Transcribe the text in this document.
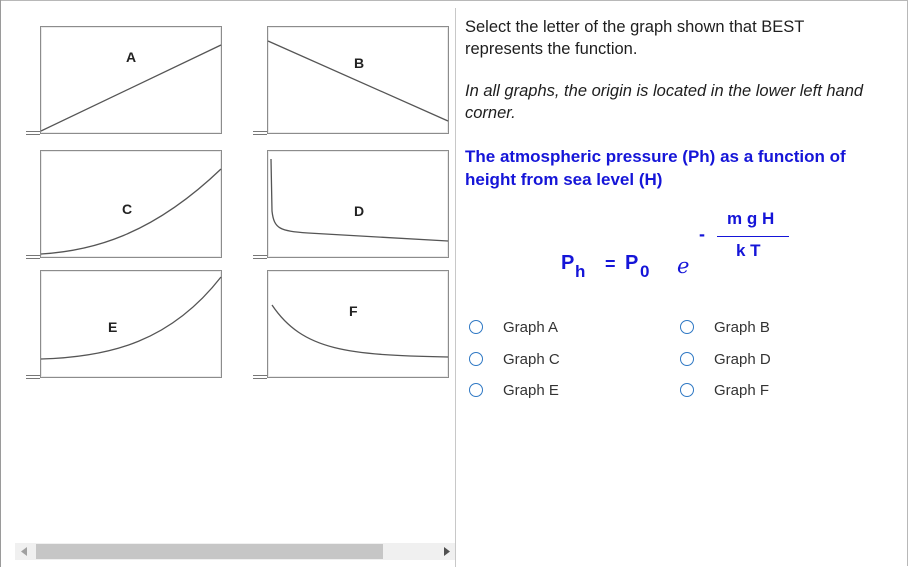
A	B
C	D
E
F
Select the letter of the graph shown that BEST represents the function.
In all graphs, the origin is located in the lower left hand corner.
The atmospheric pressure (Ph) as a function of height from sea level (H)
P h = P 0 e
-
m g H
k T
Graph A	Graph B
Graph C	Graph D
Graph E	Graph F
